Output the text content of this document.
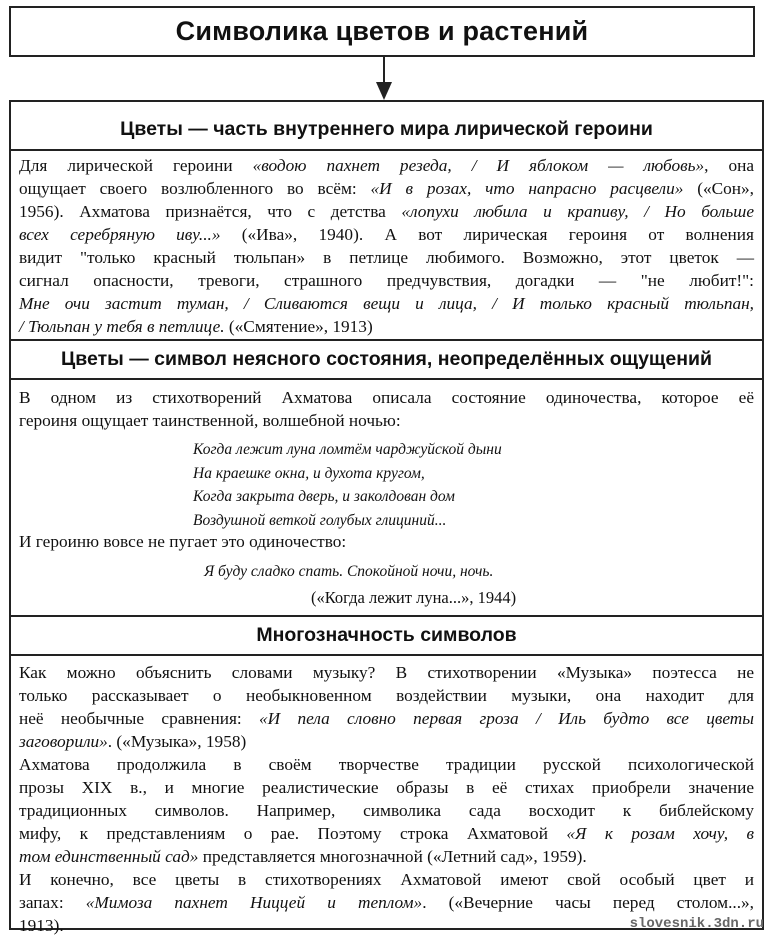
Символика цветов и растений
Цветы — часть внутреннего мира лирической героини
Для лирической героини «водою пахнет резеда, / И яблоком — любовь», она
ощущает своего возлюбленного во всём: «И в розах, что напрасно расцвели» («Сон»,
1956). Ахматова признаётся, что с детства «лопухи любила и крапиву, / Но больше
всех серебряную иву...» («Ива», 1940). А вот лирическая героиня от волнения
видит "только красный тюльпан» в петлице любимого. Возможно, этот цветок —
сигнал опасности, тревоги, страшного предчувствия, догадки — "не любит!":
Мне очи застит туман, / Сливаются вещи и лица, / И только красный тюльпан,
/ Тюльпан у тебя в петлице. («Смятение», 1913)
Цветы — символ неясного состояния, неопределённых ощущений
В одном из стихотворений Ахматова описала состояние одиночества, которое её
героиня ощущает таинственной, волшебной ночью:
Когда лежит луна ломтём чарджуйской дыни
На краешке окна, и духота кругом,
Когда закрыта дверь, и заколдован дом
Воздушной веткой голубых глициний...
И героиню вовсе не пугает это одиночество:
Я буду сладко спать. Спокойной ночи, ночь.
(«Когда лежит луна...», 1944)
Многозначность символов
Как можно объяснить словами музыку? В стихотворении «Музыка» поэтесса не
только рассказывает о необыкновенном воздействии музыки, она находит для
неё необычные сравнения: «И пела словно первая гроза / Иль будто все цветы
заговорили». («Музыка», 1958)
Ахматова продолжила в своём творчестве традиции русской психологической
прозы XIX в., и многие реалистические образы в её стихах приобрели значение
традиционных символов. Например, символика сада восходит к библейскому
мифу, к представлениям о рае. Поэтому строка Ахматовой «Я к розам хочу, в
том единственный сад» представляется многозначной («Летний сад», 1959).
И конечно, все цветы в стихотворениях Ахматовой имеют свой особый цвет и
запах: «Мимоза пахнет Ниццей и теплом». («Вечерние часы перед столом...»,
1913).	slovesnik.3dn.ru
